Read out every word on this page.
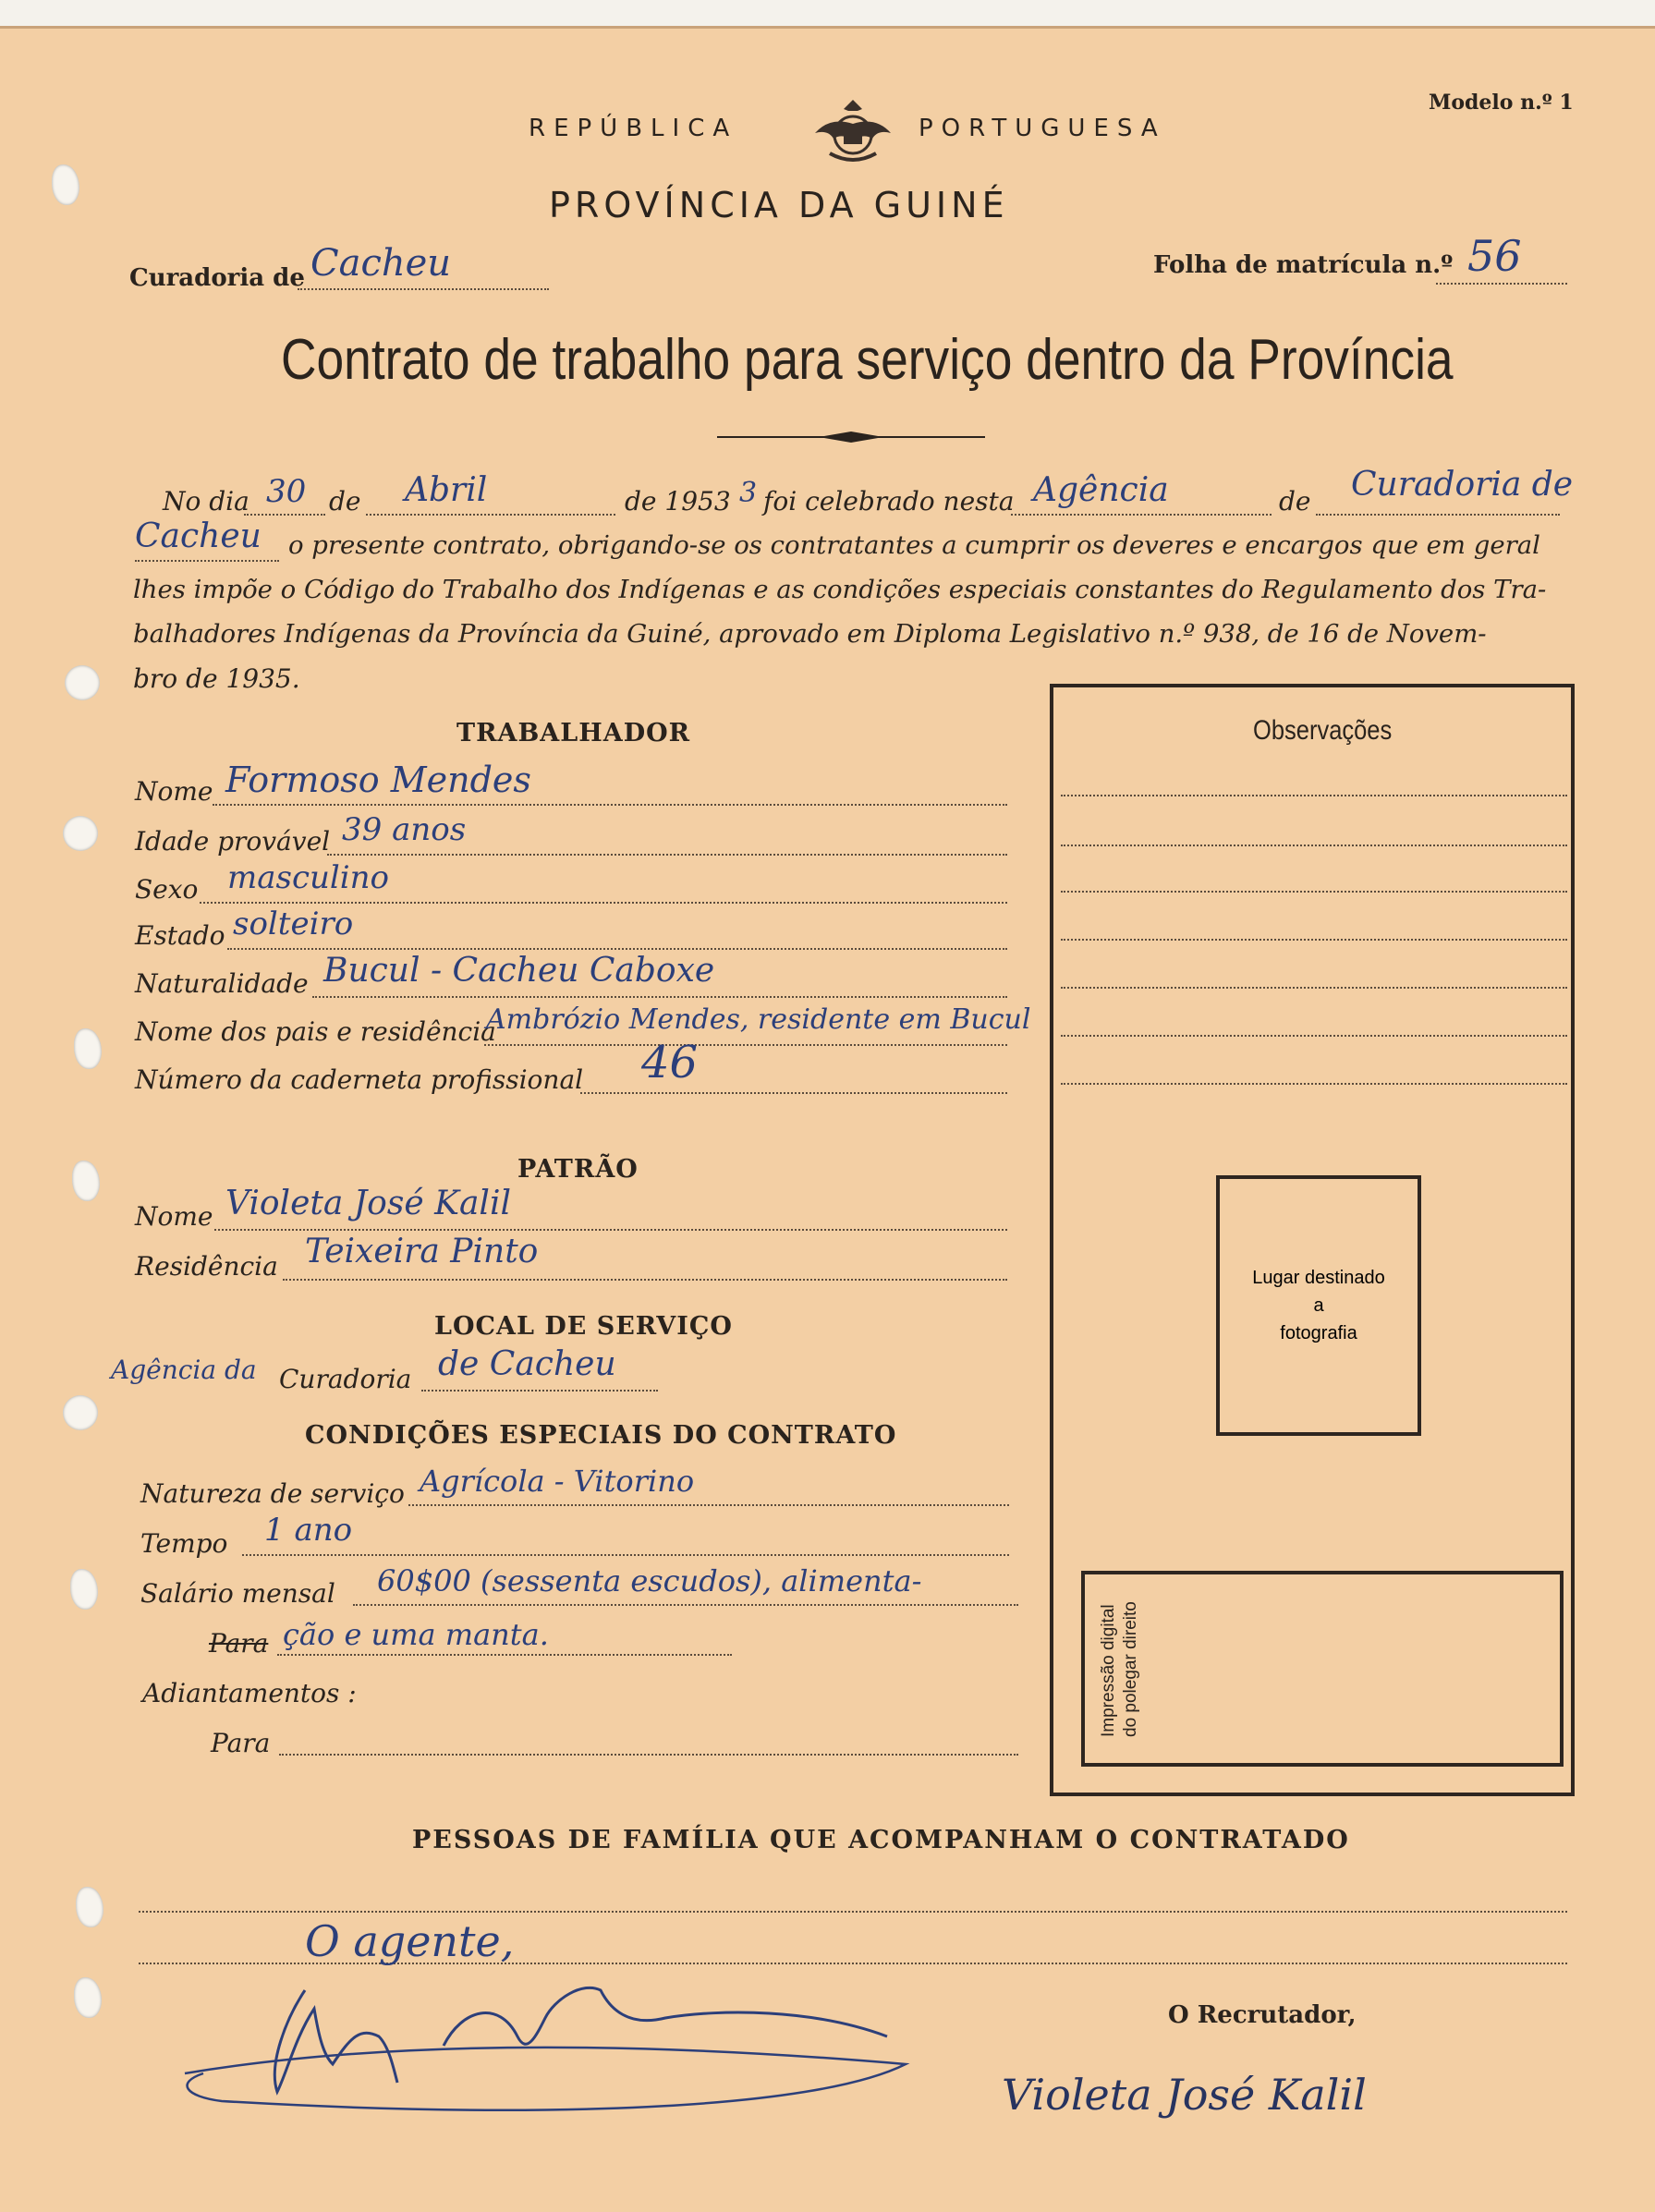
REPÚBLICA	PORTUGUESA
Modelo n.º 1
PROVÍNCIA DA GUINÉ
Curadoria de Cacheu	Folha de matrícula n.º 56
Contrato de trabalho para serviço dentro da Província
No dia 30 de Abril	de 1953 3 foi celebrado nesta Agência	de Curadoria de
Cacheu o presente contrato, obrigando-se os contratantes a cumprir os deveres e encargos que em geral
lhes impõe o Código do Trabalho dos Indígenas e as condições especiais constantes do Regulamento dos Tra-
balhadores Indígenas da Província da Guiné, aprovado em Diploma Legislativo n.º 938, de 16 de Novem-
bro de 1935.
TRABALHADOR
Nome Formoso Mendes
Idade provável 39 anos
Sexo masculino
Estado solteiro
Naturalidade Bucul - Cacheu Caboxe
Nome dos pais e residência
Ambrózio Mendes, residente em Bucul
Número da caderneta profissional 46
PATRÃO
Nome Violeta José Kalil
Residência Teixeira Pinto
LOCAL DE SERVIÇO
Agência da Curadoria de Cacheu
CONDIÇÕES ESPECIAIS DO CONTRATO
Natureza de serviço Agrícola - Vitorino
Tempo 1 ano
Salário mensal 60$00 (sessenta escudos), alimenta-
Para ção e uma manta.
Adiantamentos :
Para
Observações
Lugar destinado
a
fotografia
Impressão digital do polegar direito
PESSOAS DE FAMÍLIA QUE ACOMPANHAM O CONTRATADO
O agente,
O Recrutador,
Violeta José Kalil
